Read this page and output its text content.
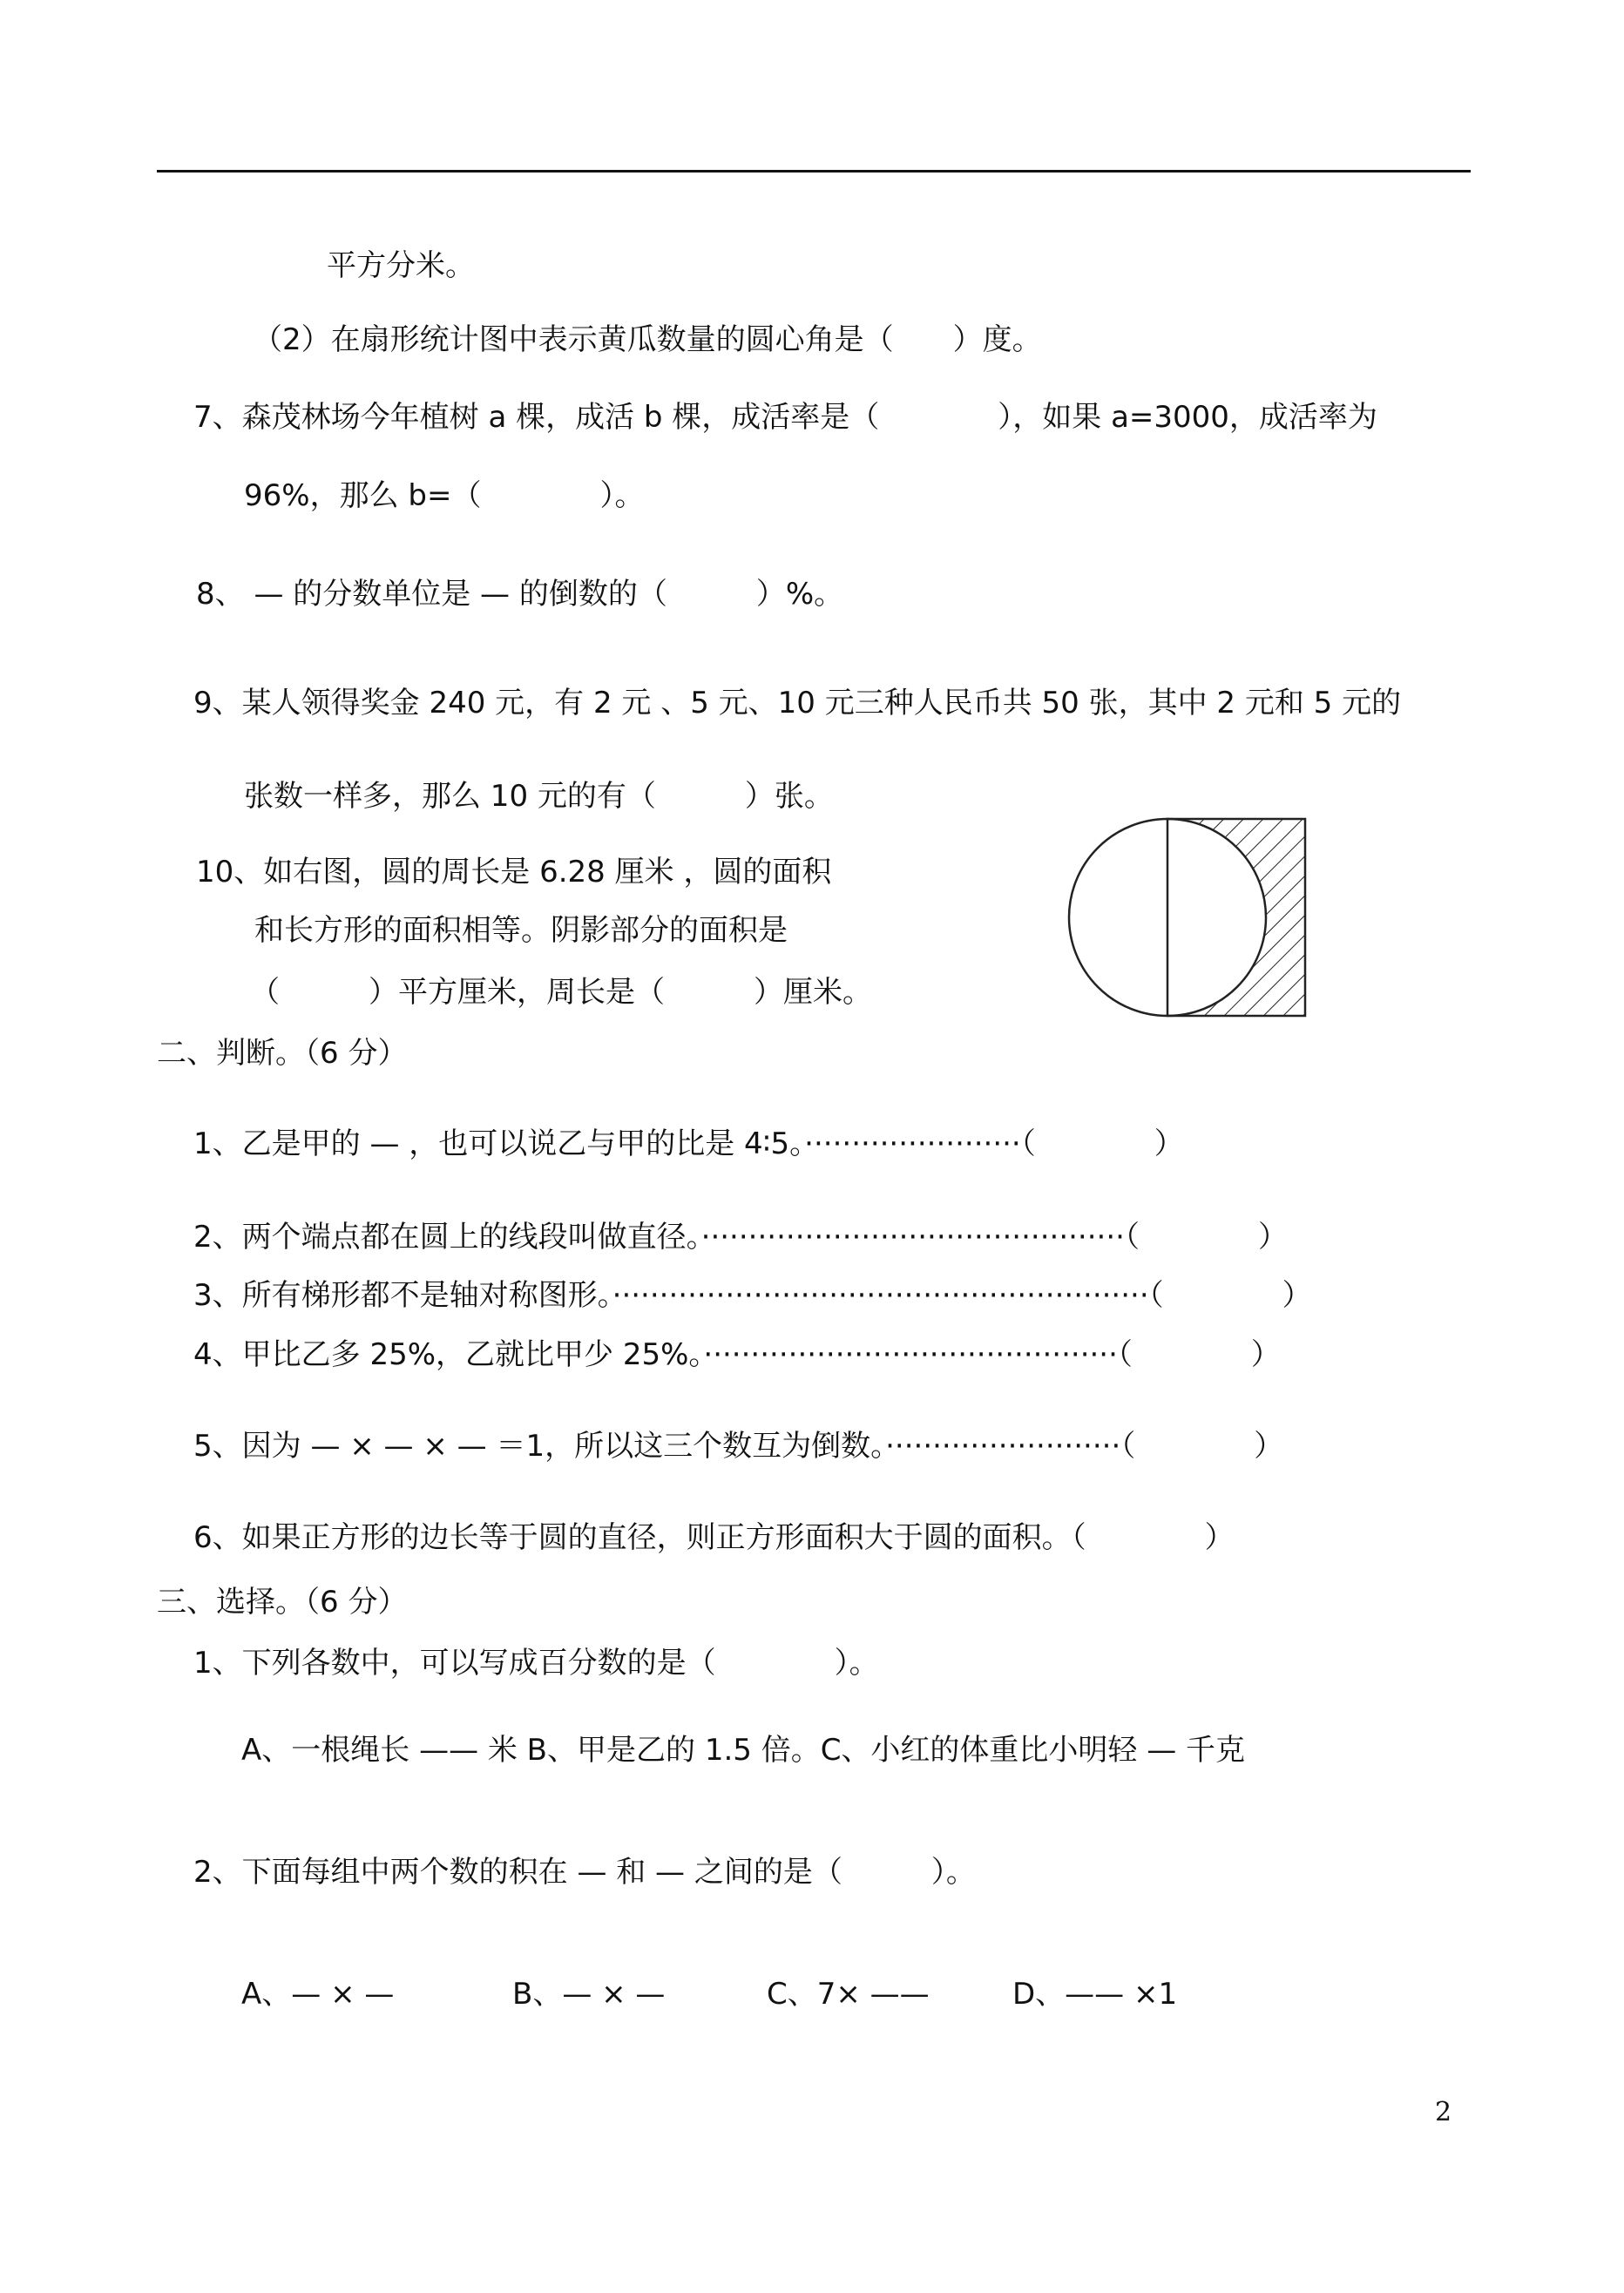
平方分米。
（2）在扇形统计图中表示黄瓜数量的圆心角是（　　）度。
7、森茂林场今年植树 a 棵，成活 b 棵，成活率是（　　　　），如果 a=3000，成活率为
96%，那么 b=（　　　　）。
8、 — 的分数单位是 — 的倒数的（　　　）%。
9、某人领得奖金 240 元，有 2 元 、5 元、10 元三种人民币共 50 张，其中 2 元和 5 元的
张数一样多，那么 10 元的有（　　　）张。
10、如右图，圆的周长是 6.28 厘米 ，圆的面积
和长方形的面积相等。阴影部分的面积是
（　　　）平方厘米，周长是（　　　）厘米。
二、判断。（6 分）
1、乙是甲的 — ，也可以说乙与甲的比是 4∶5。·······················（　　　　）
2、两个端点都在圆上的线段叫做直径。·············································（　　　　）
3、所有梯形都不是轴对称图形。·························································（　　　　）
4、甲比乙多 25%，乙就比甲少 25%。············································（　　　　）
5、因为 — × — × — ＝1，所以这三个数互为倒数。·························（　　　　）
6、如果正方形的边长等于圆的直径，则正方形面积大于圆的面积。（　　　　）
三、选择。（6 分）
1、下列各数中，可以写成百分数的是（　　　　）。
A、一根绳长 —— 米 B、甲是乙的 1.5 倍。C、小红的体重比小明轻 — 千克
2、下面每组中两个数的积在 — 和 — 之间的是（　　　）。
A、— × —	B、— × —	C、7× ——	D、—— ×1
2
